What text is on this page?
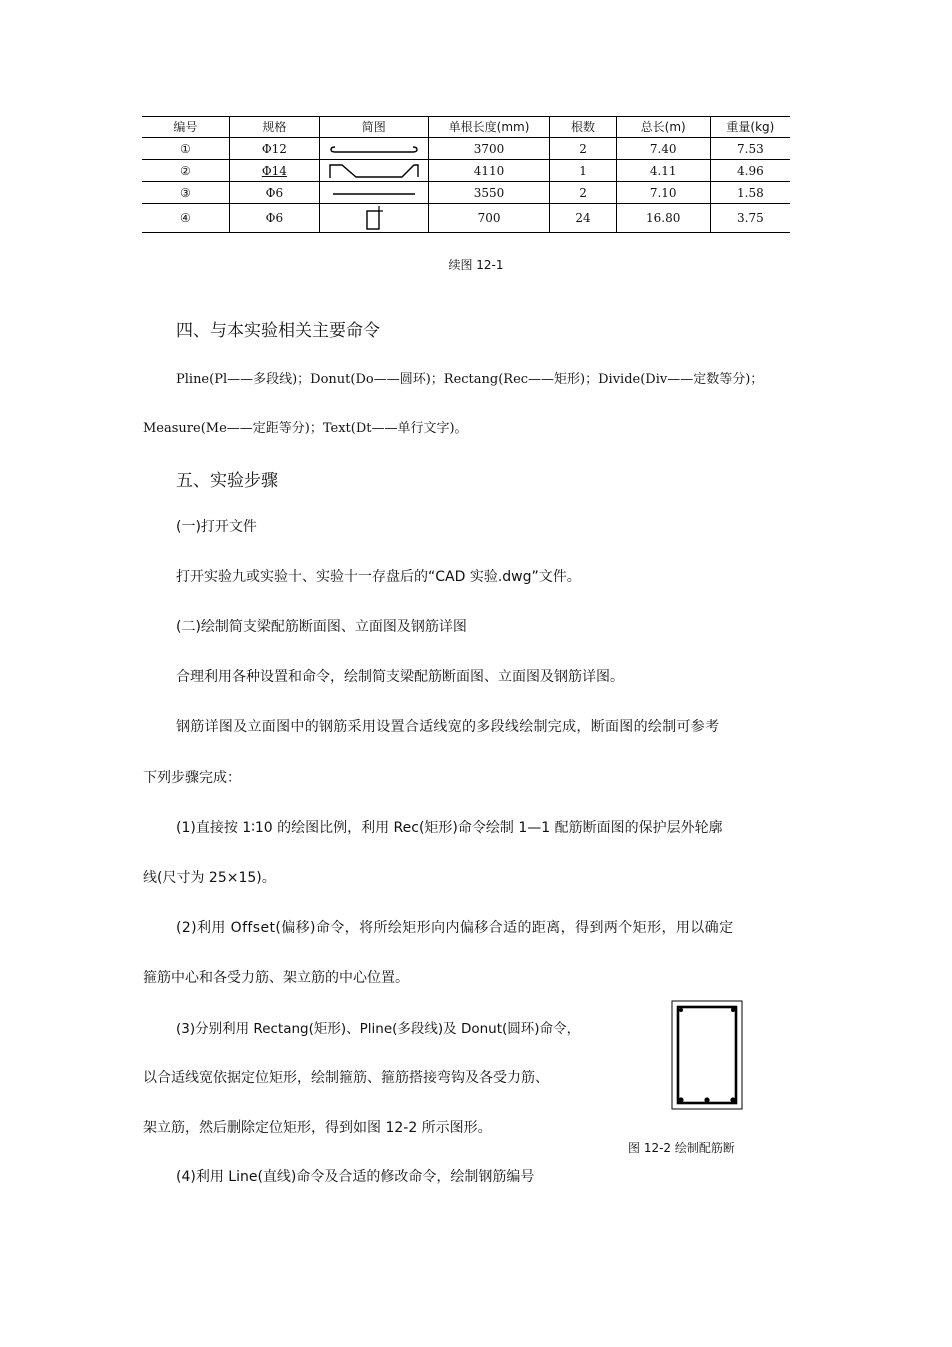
编号	规格	简图	单根长度(mm)	根数	总长(m)	重量(kg)
①	Φ12		3700	2	7.40	7.53
②	Φ14		4110	1	4.11	4.96
③	Φ6		3550	2	7.10	1.58
④	Φ6		700	24	16.80	3.75
续图 12-1
四、与本实验相关主要命令
Pline(Pl——多段线)；Donut(Do——圆环)；Rectang(Rec——矩形)；Divide(Div——定数等分)；
Measure(Me——定距等分)；Text(Dt——单行文字)。
五、实验步骤
(一)打开文件
打开实验九或实验十、实验十一存盘后的“CAD 实验.dwg”文件。
(二)绘制简支梁配筋断面图、立面图及钢筋详图
合理利用各种设置和命令，绘制简支梁配筋断面图、立面图及钢筋详图。
钢筋详图及立面图中的钢筋采用设置合适线宽的多段线绘制完成，断面图的绘制可参考
下列步骤完成：
(1)直接按 1∶10 的绘图比例，利用 Rec(矩形)命令绘制 1—1 配筋断面图的保护层外轮廓
线(尺寸为 25×15)。
(2)利用 Offset(偏移)命令，将所绘矩形向内偏移合适的距离，得到两个矩形，用以确定
箍筋中心和各受力筋、架立筋的中心位置。
(3)分别利用 Rectang(矩形)、Pline(多段线)及 Donut(圆环)命令，
以合适线宽依据定位矩形，绘制箍筋、箍筋搭接弯钩及各受力筋、
架立筋，然后删除定位矩形，得到如图 12-2 所示图形。
(4)利用 Line(直线)命令及合适的修改命令，绘制钢筋编号
图 12-2 绘制配筋断
